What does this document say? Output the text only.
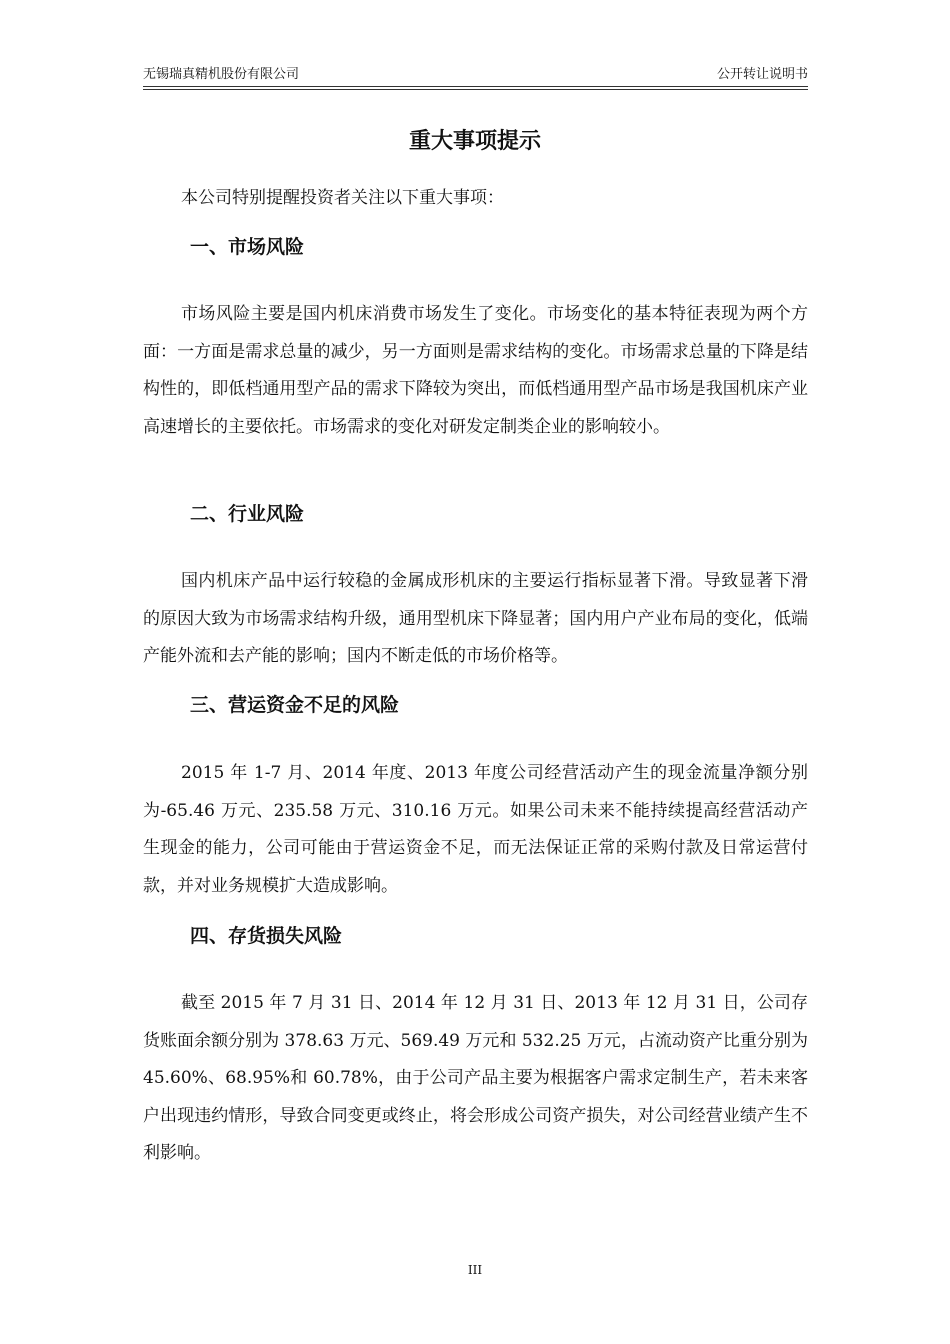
无锡瑞真精机股份有限公司	公开转让说明书
重大事项提示
本公司特别提醒投资者关注以下重大事项：
一、市场风险
市场风险主要是国内机床消费市场发生了变化。市场变化的基本特征表现为两个方面：一方面是需求总量的减少，另一方面则是需求结构的变化。市场需求总量的下降是结构性的，即低档通用型产品的需求下降较为突出，而低档通用型产品市场是我国机床产业高速增长的主要依托。市场需求的变化对研发定制类企业的影响较小。
二、行业风险
国内机床产品中运行较稳的金属成形机床的主要运行指标显著下滑。导致显著下滑的原因大致为市场需求结构升级，通用型机床下降显著；国内用户产业布局的变化，低端产能外流和去产能的影响；国内不断走低的市场价格等。
三、营运资金不足的风险
2015 年 1-7 月、2014 年度、2013 年度公司经营活动产生的现金流量净额分别为-65.46 万元、235.58 万元、310.16 万元。如果公司未来不能持续提高经营活动产生现金的能力，公司可能由于营运资金不足，而无法保证正常的采购付款及日常运营付款，并对业务规模扩大造成影响。
四、存货损失风险
截至 2015 年 7 月 31 日、2014 年 12 月 31 日、2013 年 12 月 31 日，公司存货账面余额分别为 378.63 万元、569.49 万元和 532.25 万元，占流动资产比重分别为 45.60%、68.95%和 60.78%，由于公司产品主要为根据客户需求定制生产，若未来客户出现违约情形，导致合同变更或终止，将会形成公司资产损失，对公司经营业绩产生不利影响。
III
